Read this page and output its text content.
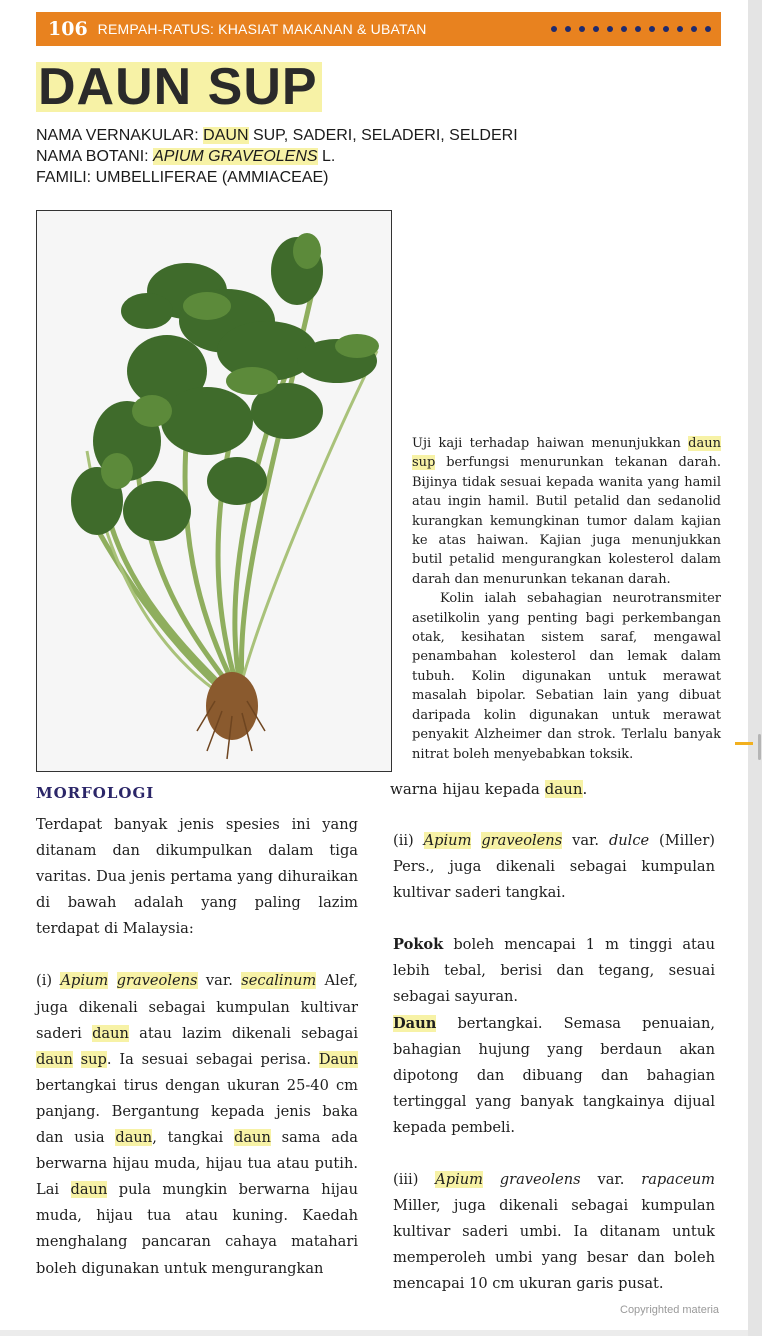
106 REMPAH-RATUS: KHASIAT MAKANAN & UBATAN
DAUN SUP
NAMA VERNAKULAR: DAUN SUP, SADERI, SELADERI, SELDERI
NAMA BOTANI: APIUM GRAVEOLENS L.
FAMILI: UMBELLIFERAE (AMMIACEAE)

Uji kaji terhadap haiwan menunjukkan daun sup berfungsi menurunkan tekanan darah. Bijinya tidak sesuai kepada wanita yang hamil atau ingin hamil. Butil petalid dan sedanolid kurangkan kemungkinan tumor dalam kajian ke atas haiwan. Kajian juga menunjukkan butil petalid mengurangkan kolesterol dalam darah dan menurunkan tekanan darah.

Kolin ialah sebahagian neurotransmiter asetilkolin yang penting bagi perkembangan otak, kesihatan sistem saraf, mengawal penambahan kolesterol dan lemak dalam tubuh. Kolin digunakan untuk merawat masalah bipolar. Sebatian lain yang dibuat daripada kolin digunakan untuk merawat penyakit Alzheimer dan strok. Terlalu banyak nitrat boleh menyebabkan toksik.

warna hijau kepada daun.
MORFOLOGI

Terdapat banyak jenis spesies ini yang ditanam dan dikumpulkan dalam tiga varitas. Dua jenis pertama yang dihuraikan di bawah adalah yang paling lazim terdapat di Malaysia:

(i) Apium graveolens var. secalinum Alef, juga dikenali sebagai kumpulan kultivar saderi daun atau lazim dikenali sebagai daun sup. Ia sesuai sebagai perisa. Daun bertangkai tirus dengan ukuran 25-40 cm panjang. Bergantung kepada jenis baka dan usia daun, tangkai daun sama ada berwarna hijau muda, hijau tua atau putih. Lai daun pula mungkin berwarna hijau muda, hijau tua atau kuning. Kaedah menghalang pancaran cahaya matahari boleh digunakan untuk mengurangkan

(ii) Apium graveolens var. dulce (Miller) Pers., juga dikenali sebagai kumpulan kultivar saderi tangkai.

Pokok boleh mencapai 1 m tinggi atau lebih tebal, berisi dan tegang, sesuai sebagai sayuran.

Daun bertangkai. Semasa penuaian, bahagian hujung yang berdaun akan dipotong dan dibuang dan bahagian tertinggal yang banyak tangkainya dijual kepada pembeli.

(iii) Apium graveolens var. rapaceum Miller, juga dikenali sebagai kumpulan kultivar saderi umbi. Ia ditanam untuk memperoleh umbi yang besar dan boleh mencapai 10 cm ukuran garis pusat.

Copyrighted materia
